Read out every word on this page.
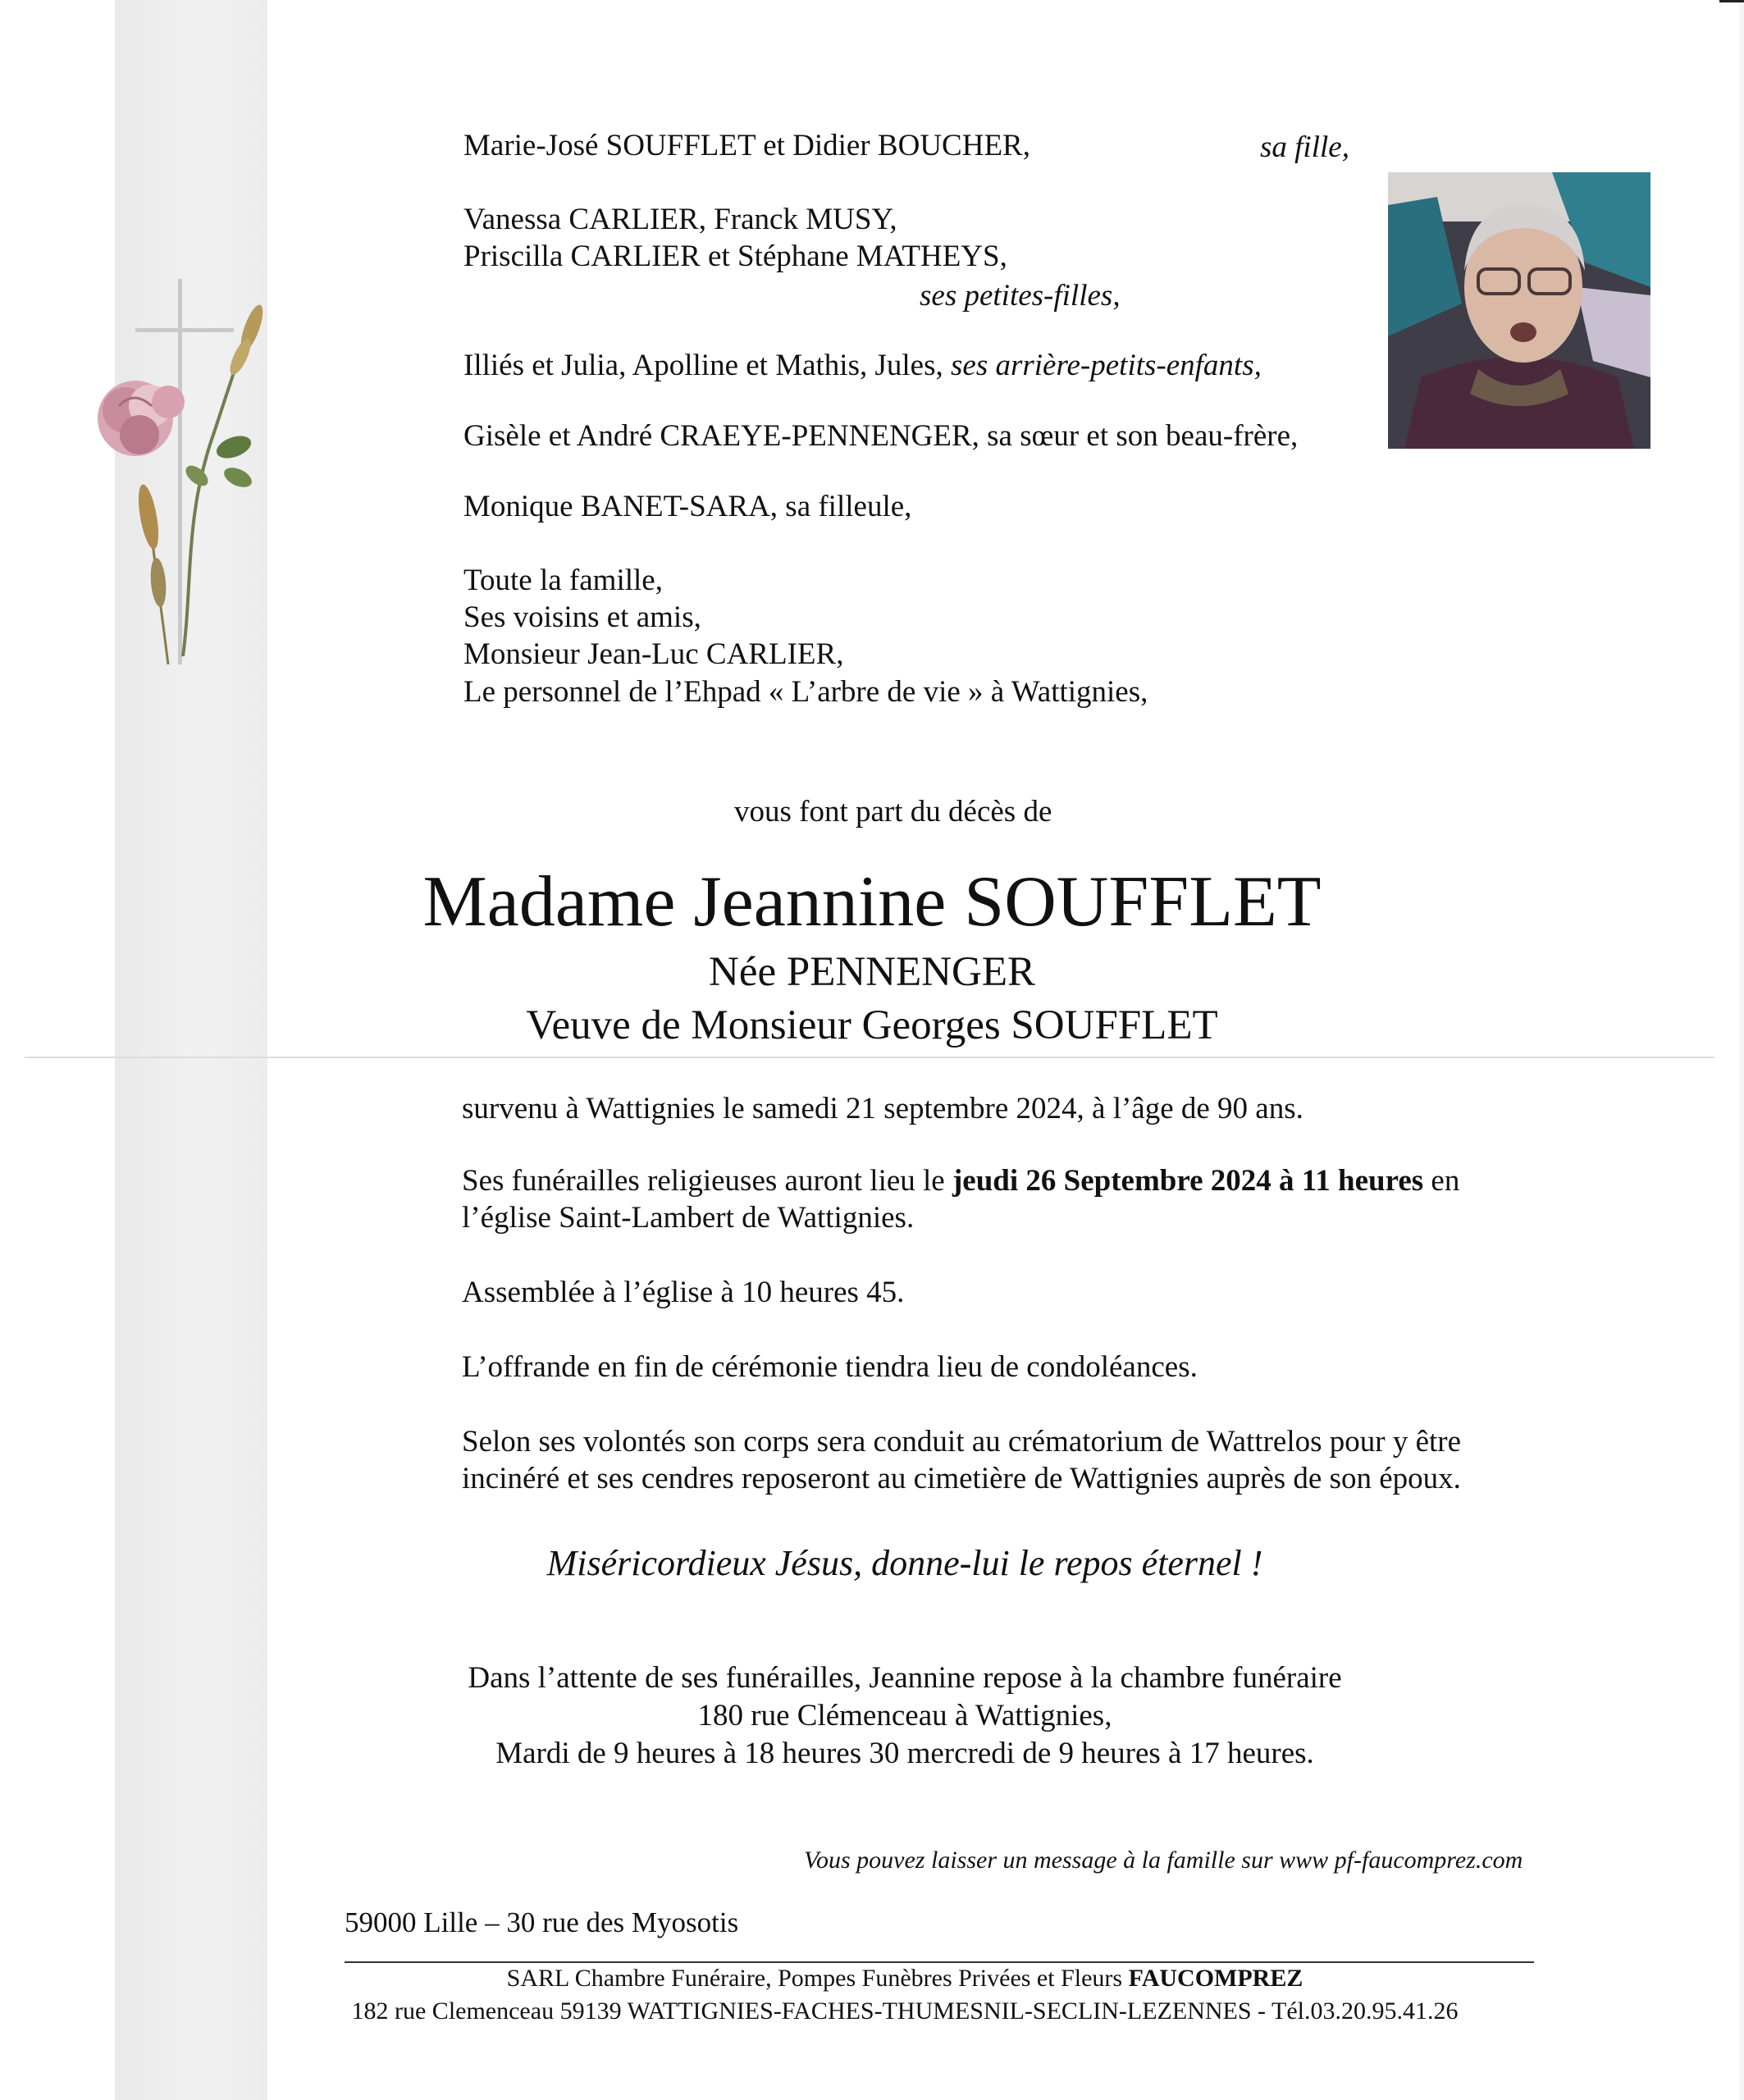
Marie-José SOUFFLET et Didier BOUCHER,	sa fille,
Vanessa CARLIER, Franck MUSY,
Priscilla CARLIER et Stéphane MATHEYS,
ses petites-filles,
Illiés et Julia, Apolline et Mathis, Jules, ses arrière-petits-enfants,
Gisèle et André CRAEYE-PENNENGER, sa sœur et son beau-frère,
Monique BANET-SARA, sa filleule,
Toute la famille,
Ses voisins et amis,
Monsieur Jean-Luc CARLIER,
Le personnel de l’Ehpad « L’arbre de vie » à Wattignies,
vous font part du décès de
Madame Jeannine SOUFFLET
Née PENNENGER
Veuve de Monsieur Georges SOUFFLET
survenu à Wattignies le samedi 21 septembre 2024, à l’âge de 90 ans.
Ses funérailles religieuses auront lieu le jeudi 26 Septembre 2024 à 11 heures en
l’église Saint-Lambert de Wattignies.
Assemblée à l’église à 10 heures 45.
L’offrande en fin de cérémonie tiendra lieu de condoléances.
Selon ses volontés son corps sera conduit au crématorium de Wattrelos pour y être
incinéré et ses cendres reposeront au cimetière de Wattignies auprès de son époux.
Miséricordieux Jésus, donne-lui le repos éternel !
Dans l’attente de ses funérailles, Jeannine repose à la chambre funéraire
180 rue Clémenceau à Wattignies,
Mardi de 9 heures à 18 heures 30 mercredi de 9 heures à 17 heures.
Vous pouvez laisser un message à la famille sur www pf-faucomprez.com
59000 Lille – 30 rue des Myosotis
SARL Chambre Funéraire, Pompes Funèbres Privées et Fleurs FAUCOMPREZ
182 rue Clemenceau 59139 WATTIGNIES-FACHES-THUMESNIL-SECLIN-LEZENNES - Tél.03.20.95.41.26
